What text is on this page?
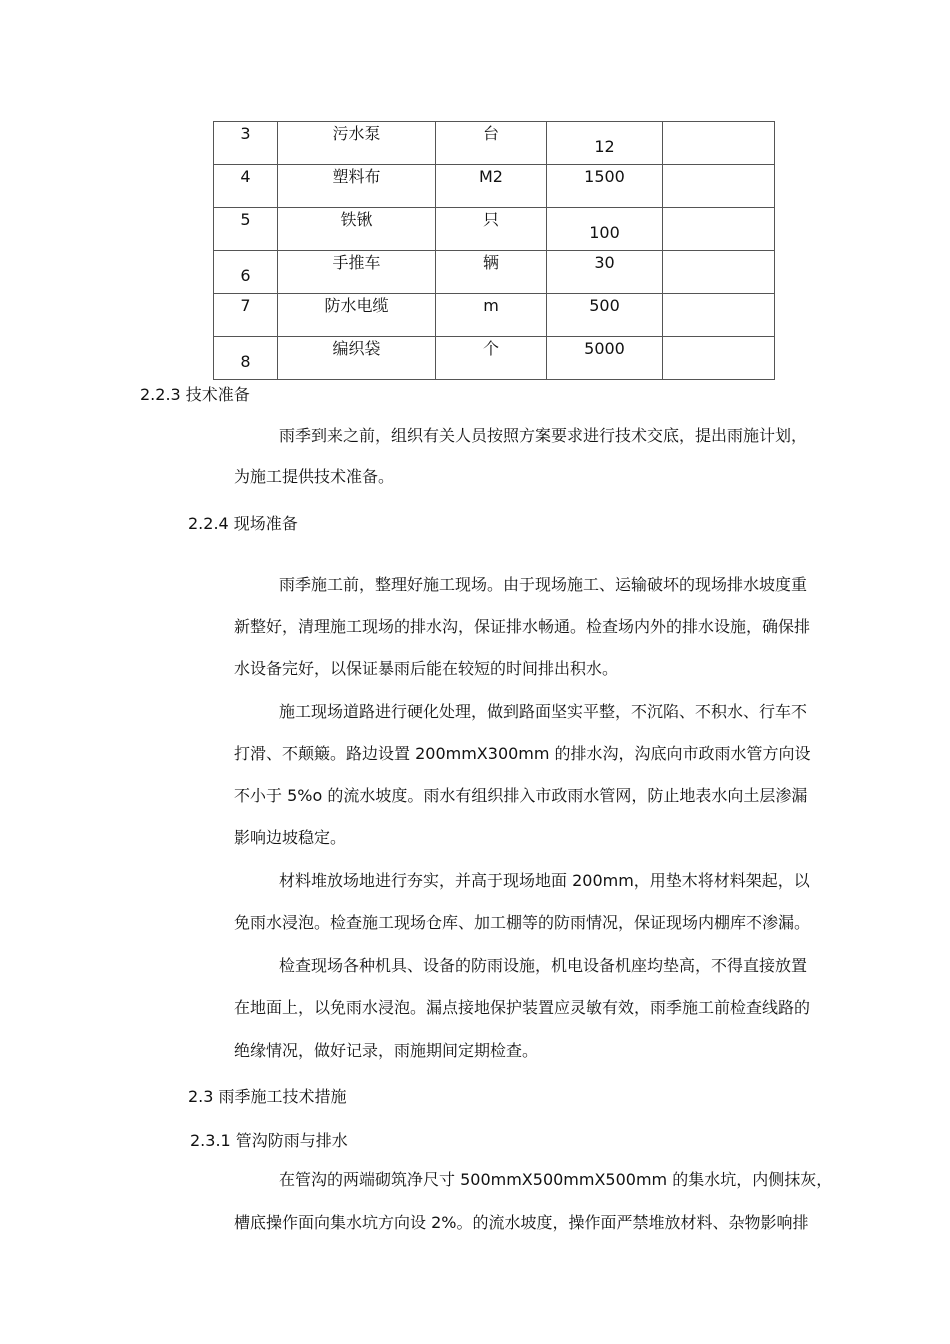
3	污水泵	台	12	

4	塑料布	M2	1500	

5	铁锹	只	100	

6	手推车	辆	30	

7	防水电缆	m	500	

8	编织袋	个	5000	

2.2.3 技术准备
雨季到来之前，组织有关人员按照方案要求进行技术交底，提出雨施计划，
为施工提供技术准备。
2.2.4 现场准备
雨季施工前，整理好施工现场。由于现场施工、运输破坏的现场排水坡度重
新整好，清理施工现场的排水沟，保证排水畅通。检查场内外的排水设施，确保排
水设备完好，以保证暴雨后能在较短的时间排出积水。
施工现场道路进行硬化处理，做到路面坚实平整，不沉陷、不积水、行车不
打滑、不颠簸。路边设置 200mmX300mm 的排水沟，沟底向市政雨水管方向设
不小于 5%o 的流水坡度。雨水有组织排入市政雨水管网，防止地表水向土层渗漏
影响边坡稳定。
材料堆放场地进行夯实，并高于现场地面 200mm，用垫木将材料架起，以
免雨水浸泡。检查施工现场仓库、加工棚等的防雨情况，保证现场内棚库不渗漏。
检查现场各种机具、设备的防雨设施，机电设备机座均垫高，不得直接放置
在地面上，以免雨水浸泡。漏点接地保护装置应灵敏有效，雨季施工前检查线路的
绝缘情况，做好记录，雨施期间定期检查。
2.3 雨季施工技术措施
2.3.1 管沟防雨与排水
在管沟的两端砌筑净尺寸 500mmX500mmX500mm 的集水坑，内侧抹灰，
槽底操作面向集水坑方向设 2%。的流水坡度，操作面严禁堆放材料、杂物影响排
